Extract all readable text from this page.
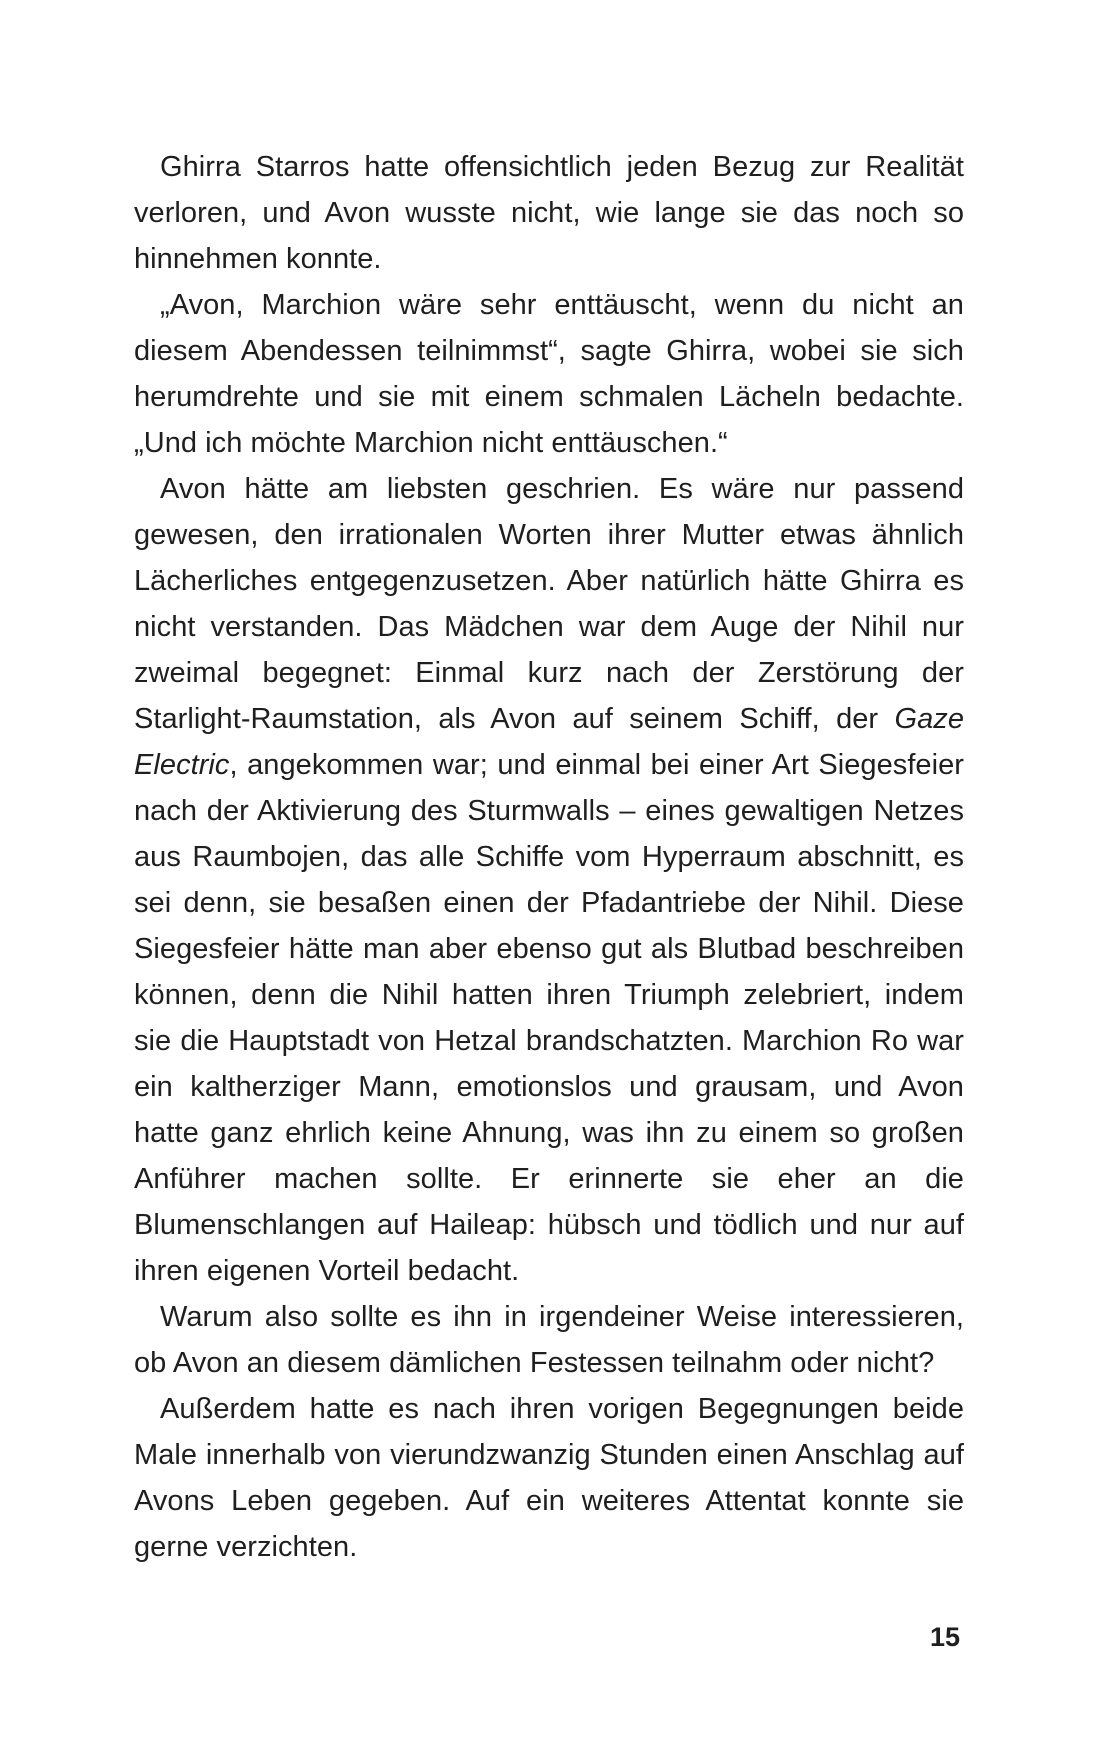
Ghirra Starros hatte offensichtlich jeden Bezug zur Realität verloren, und Avon wusste nicht, wie lange sie das noch so hinnehmen konnte.

„Avon, Marchion wäre sehr enttäuscht, wenn du nicht an diesem Abendessen teilnimmst“, sagte Ghirra, wobei sie sich herumdrehte und sie mit einem schmalen Lächeln bedachte. „Und ich möchte Marchion nicht enttäuschen.“

Avon hätte am liebsten geschrien. Es wäre nur passend gewesen, den irrationalen Worten ihrer Mutter etwas ähnlich Lächerliches entgegenzusetzen. Aber natürlich hätte Ghirra es nicht verstanden. Das Mädchen war dem Auge der Nihil nur zweimal begegnet: Einmal kurz nach der Zerstörung der Starlight-Raumstation, als Avon auf seinem Schiff, der Gaze Electric, angekommen war; und einmal bei einer Art Siegesfeier nach der Aktivierung des Sturmwalls – eines gewaltigen Netzes aus Raumbojen, das alle Schiffe vom Hyperraum abschnitt, es sei denn, sie besaßen einen der Pfadantriebe der Nihil. Diese Siegesfeier hätte man aber ebenso gut als Blutbad beschreiben können, denn die Nihil hatten ihren Triumph zelebriert, indem sie die Hauptstadt von Hetzal brandschatzten. Marchion Ro war ein kaltherziger Mann, emotionslos und grausam, und Avon hatte ganz ehrlich keine Ahnung, was ihn zu einem so großen Anführer machen sollte. Er erinnerte sie eher an die Blumenschlangen auf Haileap: hübsch und tödlich und nur auf ihren eigenen Vorteil bedacht.

Warum also sollte es ihn in irgendeiner Weise interessieren, ob Avon an diesem dämlichen Festessen teilnahm oder nicht?

Außerdem hatte es nach ihren vorigen Begegnungen beide Male innerhalb von vierundzwanzig Stunden einen Anschlag auf Avons Leben gegeben. Auf ein weiteres Attentat konnte sie gerne verzichten.

15
